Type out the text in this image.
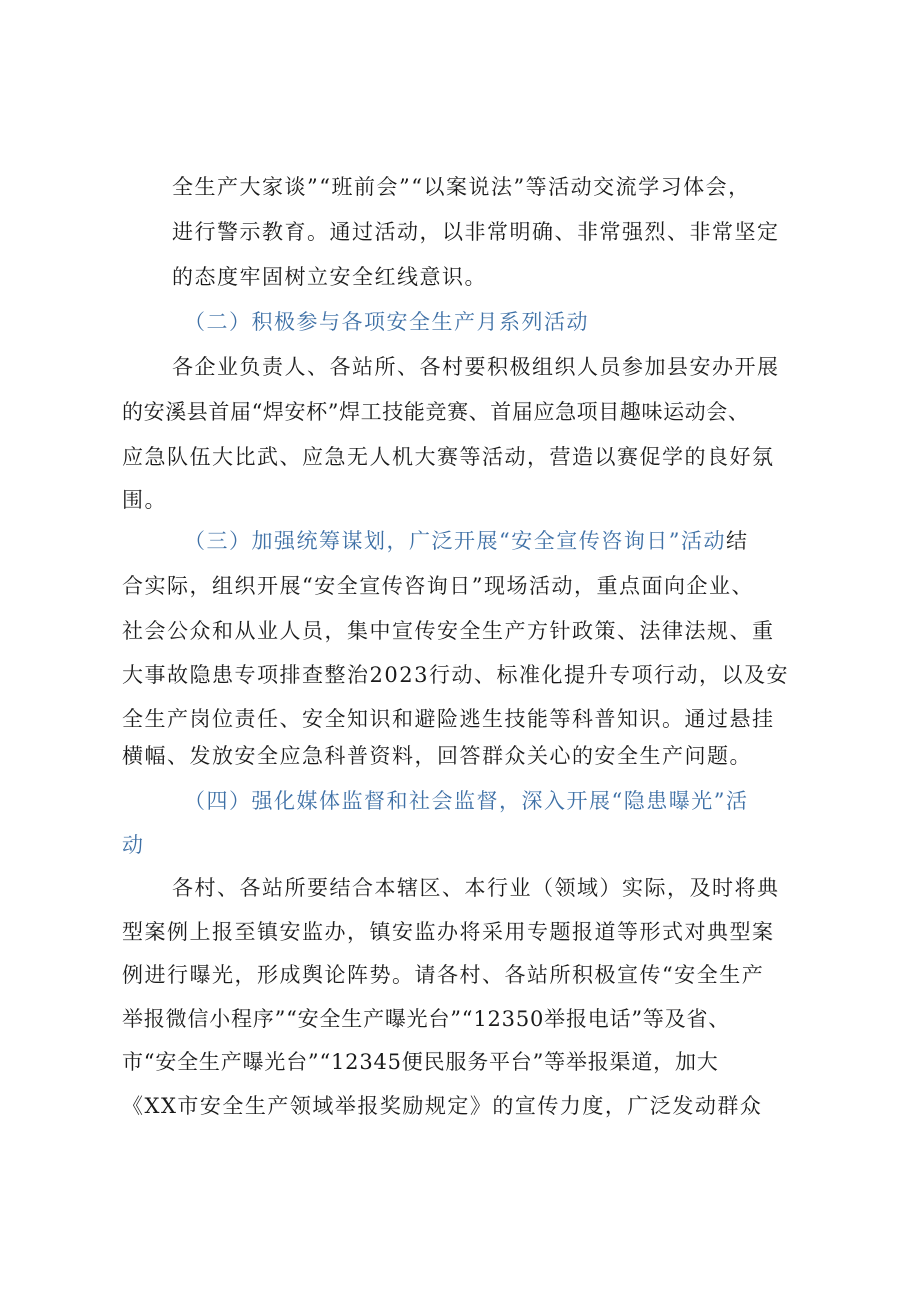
全生产大家谈”“班前会”“以案说法”等活动交流学习体会，
进行警示教育。通过活动，以非常明确、非常强烈、非常坚定
的态度牢固树立安全红线意识。
（二）积极参与各项安全生产月系列活动
各企业负责人、各站所、各村要积极组织人员参加县安办开展
的安溪县首届“焊安杯”焊工技能竞赛、首届应急项目趣味运动会、
应急队伍大比武、应急无人机大赛等活动，营造以赛促学的良好氛
围。
（三）加强统筹谋划，广泛开展“安全宣传咨询日”活动结
合实际，组织开展“安全宣传咨询日”现场活动，重点面向企业、
社会公众和从业人员，集中宣传安全生产方针政策、法律法规、重
大事故隐患专项排查整治2023行动、标准化提升专项行动，以及安
全生产岗位责任、安全知识和避险逃生技能等科普知识。通过悬挂
横幅、发放安全应急科普资料，回答群众关心的安全生产问题。
（四）强化媒体监督和社会监督，深入开展“隐患曝光”活
动
各村、各站所要结合本辖区、本行业（领域）实际，及时将典
型案例上报至镇安监办，镇安监办将采用专题报道等形式对典型案
例进行曝光，形成舆论阵势。请各村、各站所积极宣传“安全生产
举报微信小程序”“安全生产曝光台”“12350举报电话”等及省、
市“安全生产曝光台”“12345便民服务平台”等举报渠道，加大
《XX市安全生产领域举报奖励规定》的宣传力度，广泛发动群众
